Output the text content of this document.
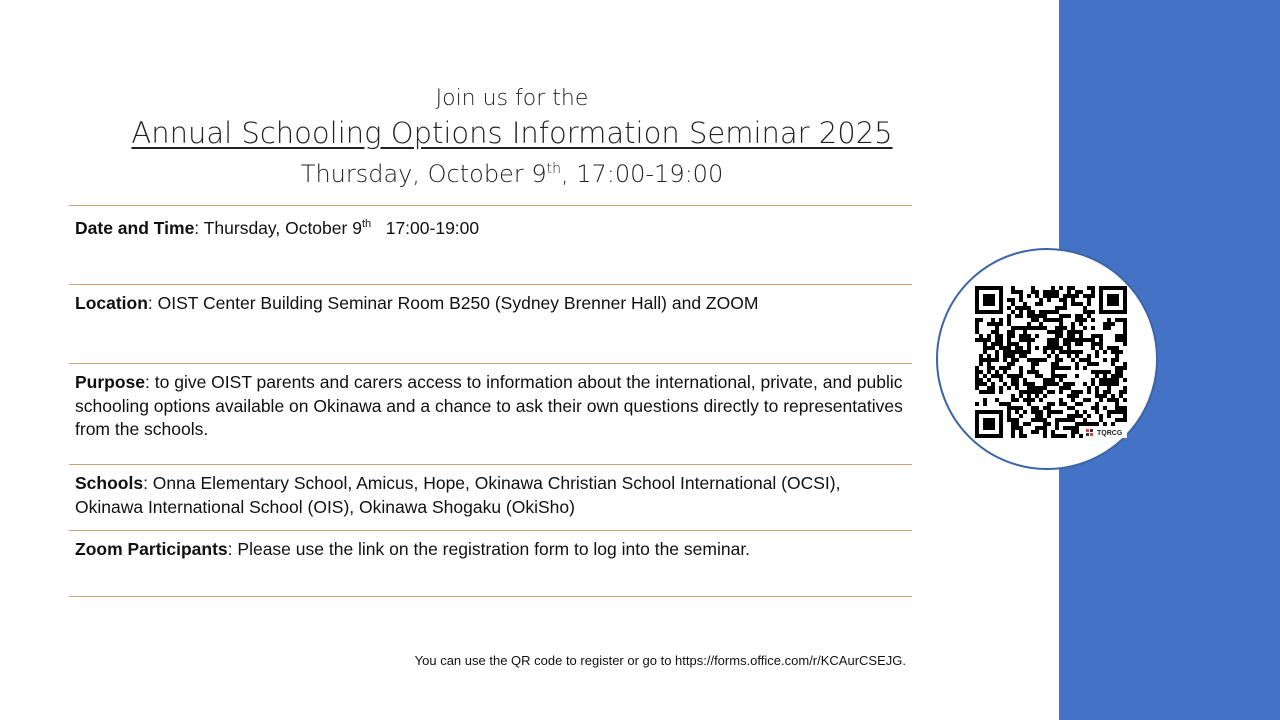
Join us for the
Annual Schooling Options Information Seminar 2025
Thursday, October 9th, 17:00-19:00
Date and Time: Thursday, October 9th   17:00-19:00
Location: OIST Center Building Seminar Room B250 (Sydney Brenner Hall) and ZOOM
Purpose: to give OIST parents and carers access to information about the international, private, and public schooling options available on Okinawa and a chance to ask their own questions directly to representatives from the schools.
Schools: Onna Elementary School, Amicus, Hope, Okinawa Christian School International (OCSI), Okinawa International School (OIS), Okinawa Shogaku (OkiSho)
Zoom Participants: Please use the link on the registration form to log into the seminar.
You can use the QR code to register or go to https://forms.office.com/r/KCAurCSEJG.
TQRCG
